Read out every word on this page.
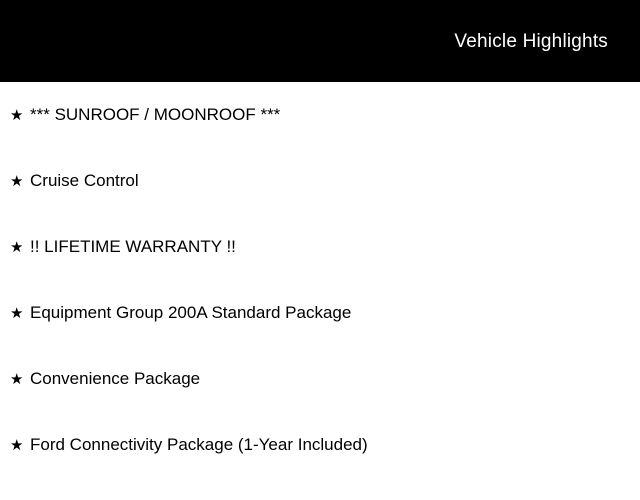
Vehicle Highlights
★ *** SUNROOF / MOONROOF ***
★ Cruise Control
★ !! LIFETIME WARRANTY !!
★ Equipment Group 200A Standard Package
★ Convenience Package
★ Ford Connectivity Package (1-Year Included)
